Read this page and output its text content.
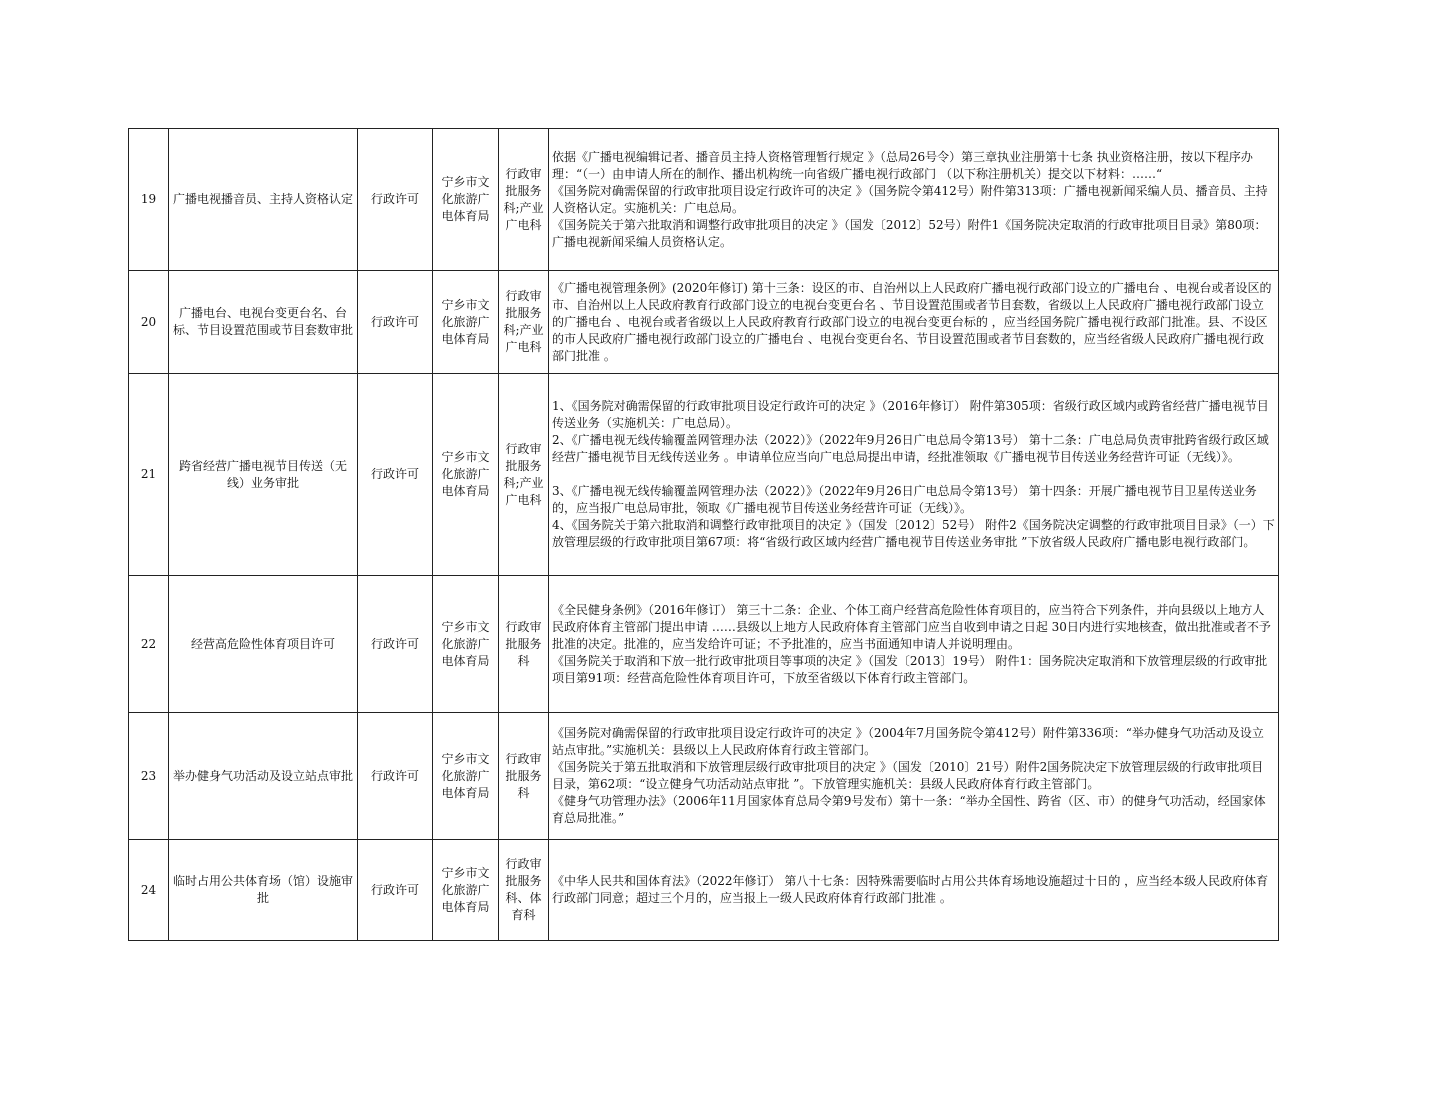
19	广播电视播音员、主持人资格认定	行政许可	宁乡市文化旅游广电体育局	行政审批服务科;产业广电科	依据《广播电视编辑记者、播音员主持人资格管理暂行规定 》（总局26号令）第三章执业注册第十七条 执业资格注册，按以下程序办理：“（一）由申请人所在的制作、播出机构统一向省级广播电视行政部门 （以下称注册机关）提交以下材料：……“
《国务院对确需保留的行政审批项目设定行政许可的决定 》（国务院令第412号）附件第313项：广播电视新闻采编人员、播音员、主持人资格认定。实施机关：广电总局。
《国务院关于第六批取消和调整行政审批项目的决定 》（国发〔2012〕52号）附件1《国务院决定取消的行政审批项目目录》第80项：广播电视新闻采编人员资格认定。

20	广播电台、电视台变更台名、台标、节目设置范围或节目套数审批	行政许可	宁乡市文化旅游广电体育局	行政审批服务科;产业广电科	《广播电视管理条例》(2020年修订) 第十三条：设区的市、自治州以上人民政府广播电视行政部门设立的广播电台 、电视台或者设区的市、自治州以上人民政府教育行政部门设立的电视台变更台名 、节目设置范围或者节目套数，省级以上人民政府广播电视行政部门设立的广播电台 、电视台或者省级以上人民政府教育行政部门设立的电视台变更台标的 ，应当经国务院广播电视行政部门批准。县、不设区的市人民政府广播电视行政部门设立的广播电台 、电视台变更台名、节目设置范围或者节目套数的，应当经省级人民政府广播电视行政部门批准 。

21	跨省经营广播电视节目传送（无线）业务审批	行政许可	宁乡市文化旅游广电体育局	行政审批服务科;产业广电科	1、《国务院对确需保留的行政审批项目设定行政许可的决定 》（2016年修订） 附件第305项：省级行政区域内或跨省经营广播电视节目传送业务（实施机关：广电总局）。
2、《广播电视无线传输覆盖网管理办法（2022）》（2022年9月26日广电总局令第13号） 第十二条：广电总局负责审批跨省级行政区域经营广播电视节目无线传送业务 。申请单位应当向广电总局提出申请，经批准领取《广播电视节目传送业务经营许可证（无线）》。

3、《广播电视无线传输覆盖网管理办法（2022）》（2022年9月26日广电总局令第13号） 第十四条：开展广播电视节目卫星传送业务的，应当报广电总局审批，领取《广播电视节目传送业务经营许可证（无线）》。
4、《国务院关于第六批取消和调整行政审批项目的决定 》（国发〔2012〕52号） 附件2《国务院决定调整的行政审批项目目录》（一）下放管理层级的行政审批项目第67项：将“省级行政区域内经营广播电视节目传送业务审批 ”下放省级人民政府广播电影电视行政部门。

22	经营高危险性体育项目许可	行政许可	宁乡市文化旅游广电体育局	行政审批服务科	《全民健身条例》（2016年修订） 第三十二条：企业、个体工商户经营高危险性体育项目的，应当符合下列条件，并向县级以上地方人民政府体育主管部门提出申请 ……县级以上地方人民政府体育主管部门应当自收到申请之日起 30日内进行实地核查，做出批准或者不予批准的决定。批准的，应当发给许可证；不予批准的，应当书面通知申请人并说明理由。
《国务院关于取消和下放一批行政审批项目等事项的决定 》（国发〔2013〕19号） 附件1：国务院决定取消和下放管理层级的行政审批项目第91项：经营高危险性体育项目许可，下放至省级以下体育行政主管部门。

23	举办健身气功活动及设立站点审批	行政许可	宁乡市文化旅游广电体育局	行政审批服务科	《国务院对确需保留的行政审批项目设定行政许可的决定 》（2004年7月国务院令第412号）附件第336项：“举办健身气功活动及设立站点审批。”实施机关：县级以上人民政府体育行政主管部门。
《国务院关于第五批取消和下放管理层级行政审批项目的决定 》（国发〔2010〕21号）附件2国务院决定下放管理层级的行政审批项目目录，第62项：“设立健身气功活动站点审批 ”。下放管理实施机关：县级人民政府体育行政主管部门。
《健身气功管理办法》（2006年11月国家体育总局令第9号发布）第十一条：“举办全国性、跨省（区、市）的健身气功活动，经国家体育总局批准。”

24	临时占用公共体育场（馆）设施审批	行政许可	宁乡市文化旅游广电体育局	行政审批服务科、体育科	《中华人民共和国体育法》（2022年修订） 第八十七条：因特殊需要临时占用公共体育场地设施超过十日的 ，应当经本级人民政府体育行政部门同意；超过三个月的，应当报上一级人民政府体育行政部门批准 。
